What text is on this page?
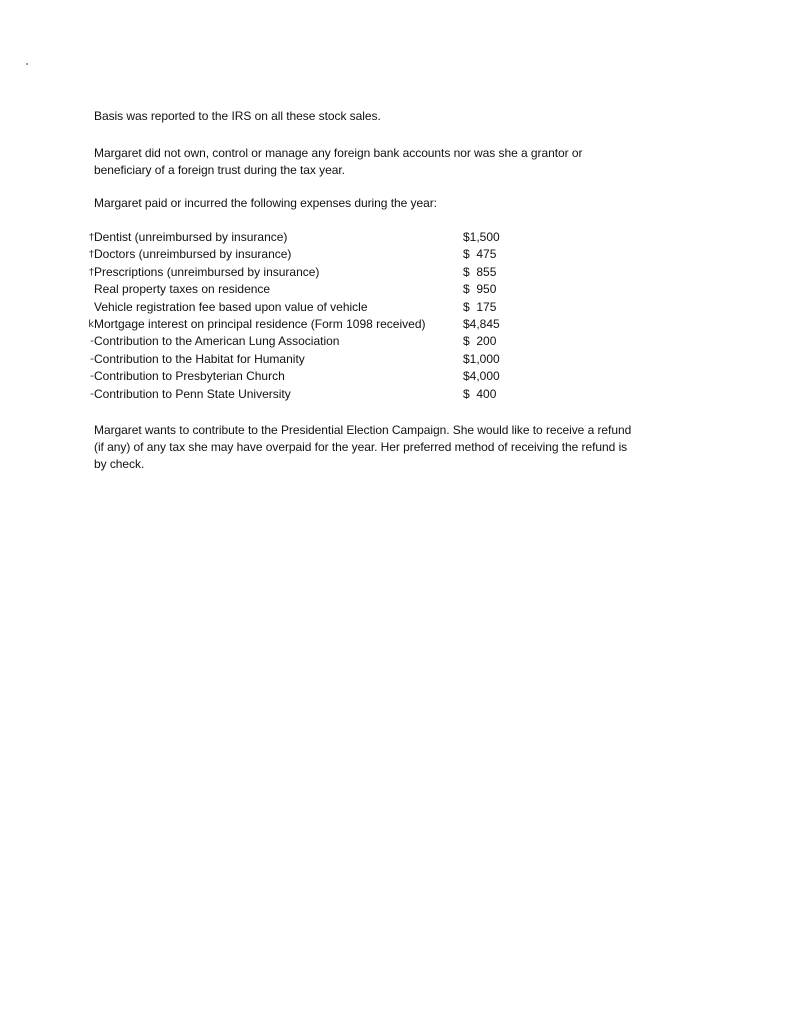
Basis was reported to the IRS on all these stock sales.
Margaret did not own, control or manage any foreign bank accounts nor was she a grantor or
beneficiary of a foreign trust during the tax year.
Margaret paid or incurred the following expenses during the year:
† Dentist (unreimbursed by insurance)	$1,500
† Doctors (unreimbursed by insurance)	$  475
† Prescriptions (unreimbursed by insurance)	$  855
Real property taxes on residence	$  950
Vehicle registration fee based upon value of vehicle	$  175
k Mortgage interest on principal residence (Form 1098 received)	$4,845
- Contribution to the American Lung Association	$  200
- Contribution to the Habitat for Humanity	$1,000
- Contribution to Presbyterian Church	$4,000
- Contribution to Penn State University	$  400
Margaret wants to contribute to the Presidential Election Campaign. She would like to receive a refund
(if any) of any tax she may have overpaid for the year. Her preferred method of receiving the refund is
by check.
